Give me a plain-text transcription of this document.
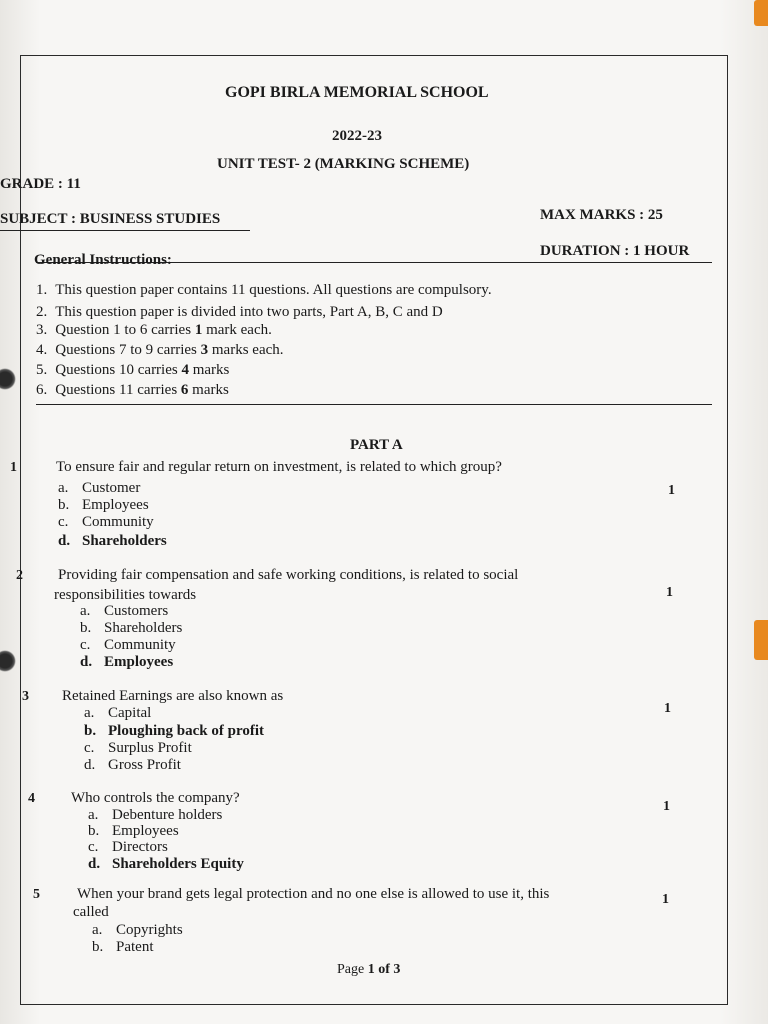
GOPI BIRLA MEMORIAL SCHOOL
2022-23
UNIT TEST- 2 (MARKING SCHEME)
GRADE : 11
MAX MARKS : 25
SUBJECT : BUSINESS STUDIES
DURATION : 1 HOUR
General Instructions:
1. This question paper contains 11 questions. All questions are compulsory.
2. This question paper is divided into two parts, Part A, B, C and D
3. Question 1 to 6 carries 1 mark each.
4. Questions 7 to 9 carries 3 marks each.
5. Questions 10 carries 4 marks
6. Questions 11 carries 6 marks
PART A
1	To ensure fair and regular return on investment, is related to which group?
1
a. Customer
b. Employees
c. Community
d. Shareholders
2 Providing fair compensation and safe working conditions, is related to social
responsibilities towards	1
a. Customers
b. Shareholders
c. Community
d. Employees
3 Retained Earnings are also known as
1
a. Capital
b. Ploughing back of profit
c. Surplus Profit
d. Gross Profit
4 Who controls the company?
1
a. Debenture holders
b. Employees
c. Directors
d. Shareholders Equity
5 When your brand gets legal protection and no one else is allowed to use it, this
called
1
a. Copyrights
b. Patent
Page 1 of 3
